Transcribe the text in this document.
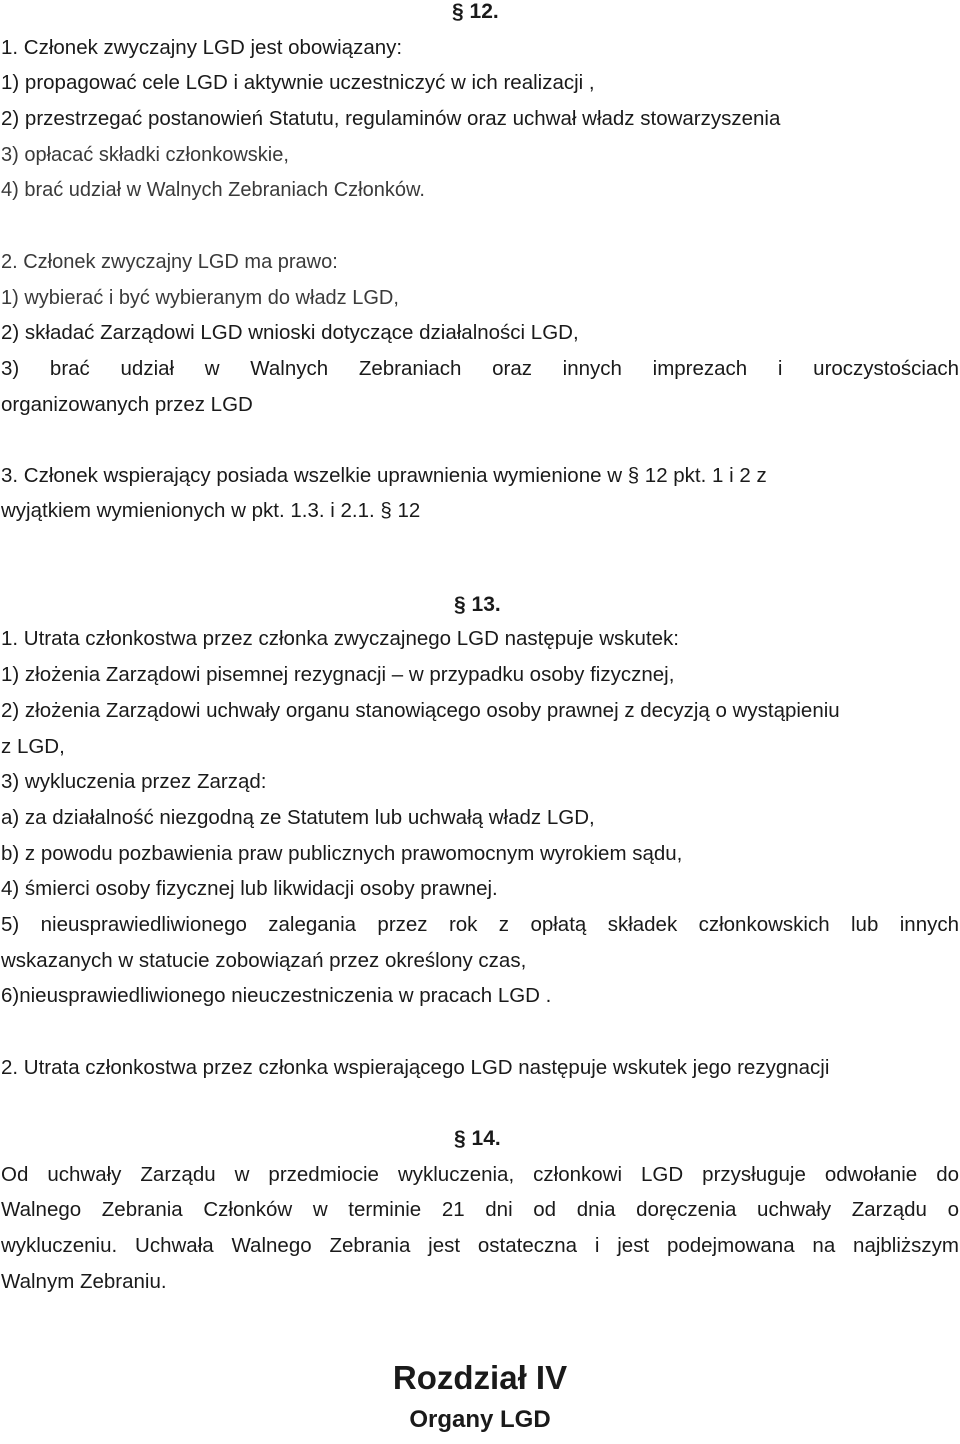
§ 12.
1. Członek zwyczajny LGD jest obowiązany:
1) propagować cele LGD i aktywnie uczestniczyć w ich realizacji ,
2) przestrzegać postanowień Statutu, regulaminów oraz uchwał władz stowarzyszenia
3) opłacać składki członkowskie,
4) brać udział w Walnych Zebraniach Członków.
2. Członek zwyczajny LGD ma prawo:
1) wybierać i być wybieranym do władz LGD,
2) składać Zarządowi LGD wnioski dotyczące działalności LGD,
3) brać udział w Walnych Zebraniach oraz innych imprezach i uroczystościach
organizowanych przez LGD
3. Członek wspierający posiada wszelkie uprawnienia wymienione w § 12 pkt. 1 i 2 z
wyjątkiem wymienionych w pkt. 1.3. i 2.1. § 12
§ 13.
1. Utrata członkostwa przez członka zwyczajnego LGD następuje wskutek:
1) złożenia Zarządowi pisemnej rezygnacji – w przypadku osoby fizycznej,
2) złożenia Zarządowi uchwały organu stanowiącego osoby prawnej z decyzją o wystąpieniu
z LGD,
3) wykluczenia przez Zarząd:
a) za działalność niezgodną ze Statutem lub uchwałą władz LGD,
b) z powodu pozbawienia praw publicznych prawomocnym wyrokiem sądu,
4) śmierci osoby fizycznej lub likwidacji osoby prawnej.
5) nieusprawiedliwionego zalegania przez rok z opłatą składek członkowskich lub innych
wskazanych w statucie zobowiązań przez określony czas,
6)nieusprawiedliwionego nieuczestniczenia w pracach LGD .
2. Utrata członkostwa przez członka wspierającego LGD następuje wskutek jego rezygnacji
§ 14.
Od uchwały Zarządu w przedmiocie wykluczenia, członkowi LGD przysługuje odwołanie do
Walnego Zebrania Członków w terminie 21 dni od dnia doręczenia uchwały Zarządu o
wykluczeniu. Uchwała Walnego Zebrania jest ostateczna i jest podejmowana na najbliższym
Walnym Zebraniu.
Rozdział IV
Organy LGD
